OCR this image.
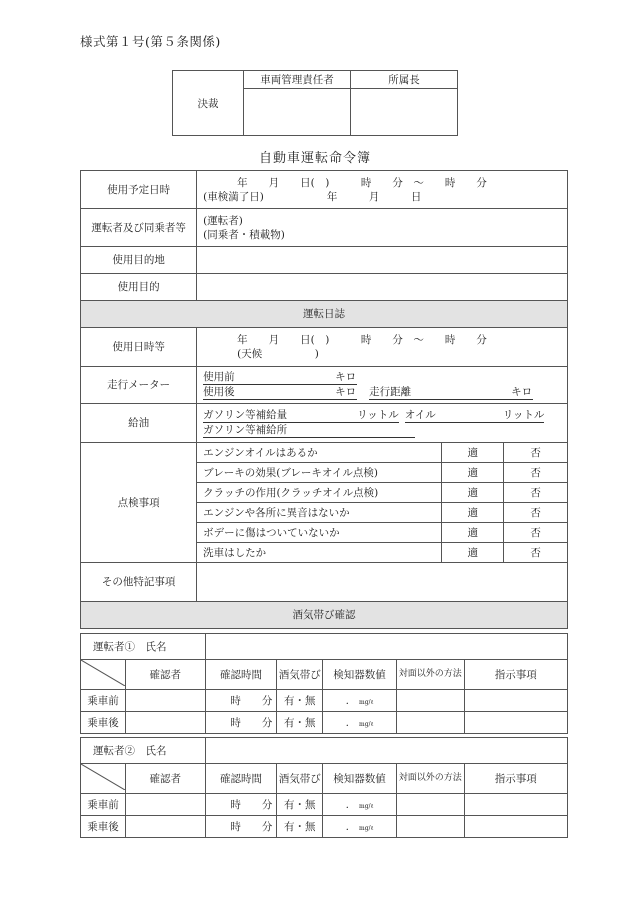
様式第１号(第５条関係)
決裁	車両管理責任者	所属長

自動車運転命令簿
使用予定日時	年　　月　　日(　)　　　時　　分　～　　時　　分
(車検満了日)　　　　　　年　　　月　　　日		

運転者及び同乗者等	(運転者)
(同乗者・積載物)		

使用目的地			
使用目的			
運転日誌			
使用日時等	年　　月　　日(　)　　　時　　分　～　　時　　分
(天候　　　　　)		

走行メーター	使用前 キロ
使用後 キロ 走行距離 キロ		

給油	ガソリン等補給量 リットル オイル リットル
ガソリン等補給所		

点検事項	エンジンオイルはあるか	適	否
	ブレーキの効果(ブレーキオイル点検)	適	否
	クラッチの作用(クラッチオイル点検)	適	否
	エンジンや各所に異音はないか	適	否
	ボデーに傷はついていないか	適	否
	洗車はしたか	適	否
その他特記事項			
酒気帯び確認			
運転者①　氏名						
	確認者	確認時間	酒気帯び	検知器数値	対面以外の方法	指示事項
乗車前		時　　分	有・無	. mg/ℓ		
乗車後		時　　分	有・無	. mg/ℓ		
運転者②　氏名						
	確認者	確認時間	酒気帯び	検知器数値	対面以外の方法	指示事項
乗車前		時　　分	有・無	. mg/ℓ		
乗車後		時　　分	有・無	. mg/ℓ		
